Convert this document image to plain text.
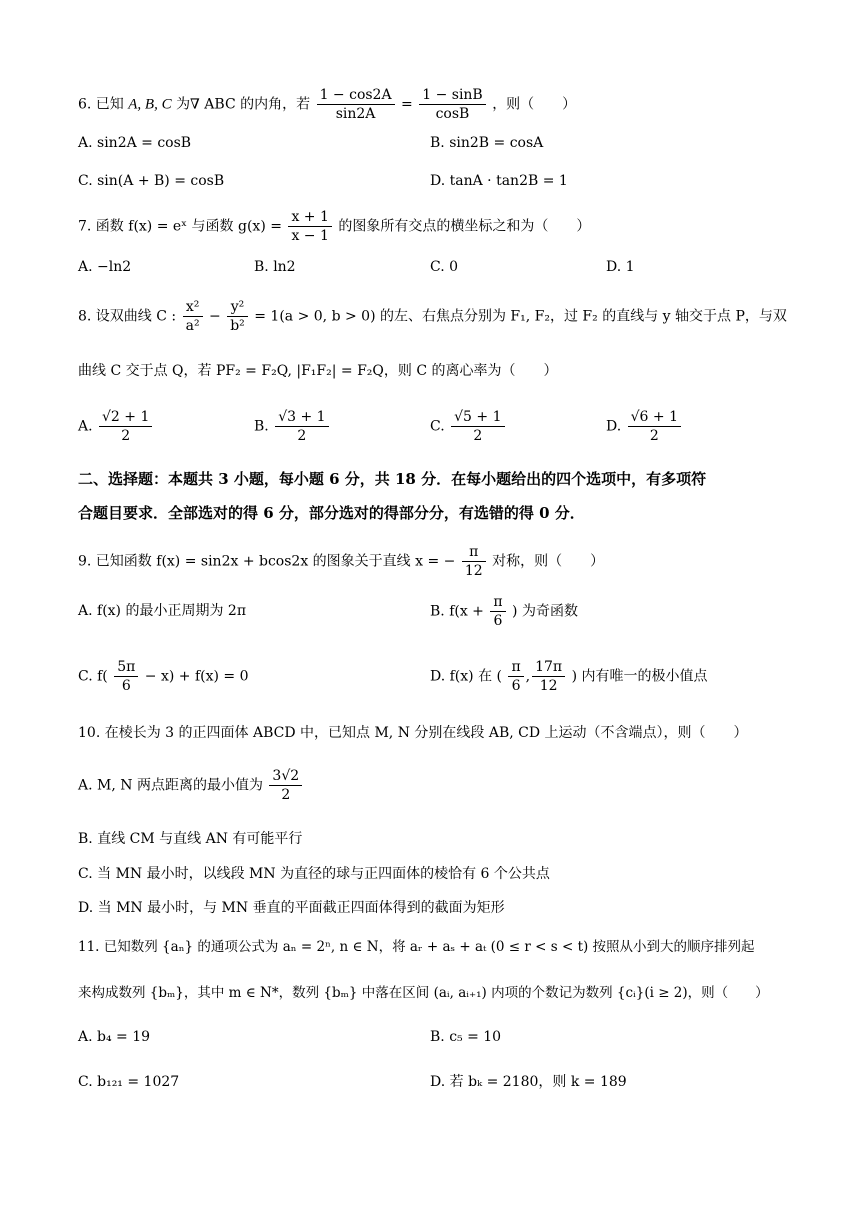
6. 已知 A, B, C 为∇ ABC 的内角，若 $\frac{1 - \cos 2A}{\sin 2A} = \frac{1 - \sin B}{\cos B}$ ，则（　　）
A. sin2A = cosB	B. sin2B = cosA
C. sin(A + B) = cosB	D. tanA · tan2B = 1
7. 函数 f(x) = eˣ 与函数 $g(x) = \frac{x + 1}{x - 1}$ 的图象所有交点的横坐标之和为（　　）
A. −ln2	B. ln2	C. 0	D. 1
8. 设双曲线 C : $\frac{\text{x²}}{\text{a²}} - \frac{\text{y²}}{\text{b²}} = 1(a > 0$, b > 0) 的左、右焦点分别为 F₁, F₂，过 F₂ 的直线与 y 轴交于点 P，与双
曲线 C 交于点 Q，若 PF₂ = F₂Q, |F₁F₂| = F₂Q，则 C 的离心率为（　　）
A. $\frac{√2 + 1}{2}$	B. $\frac{√3 + 1}{2}$	C. $\frac{√5 + 1}{2}$	D. $\frac{√6 + 1}{2}$
二、选择题：本题共 3 小题，每小题 6 分，共 18 分．在每小题给出的四个选项中，有多项符
合题目要求．全部选对的得 6 分，部分选对的得部分分，有选错的得 0 分．
9. 已知函数 f(x) = sin2x + bcos2x 的图象关于直线 x = − $\frac{\pi}{12}$ 对称，则（　　）
A. f(x) 的最小正周期为 2π	B. $f(x + \frac{\pi}{6}$ ) 为奇函数
C. $f( \frac{5\pi}{6} - x) + f(x) = 0$	D. f(x) 在 ( $\frac{\pi}{6}$ , $\frac{17\pi}{12}$ ) 内有唯一的极小值点
10. 在棱长为 3 的正四面体 ABCD 中，已知点 M, N 分别在线段 AB, CD 上运动（不含端点），则（　　）
A. M, N 两点距离的最小值为 $\frac{3√2}{2}$
B. 直线 CM 与直线 AN 有可能平行
C. 当 MN 最小时，以线段 MN 为直径的球与正四面体的棱恰有 6 个公共点
D. 当 MN 最小时，与 MN 垂直的平面截正四面体得到的截面为矩形
11. 已知数列 {aₙ} 的通项公式为 aₙ = 2ⁿ, n ∈ N，将 aᵣ + aₛ + aₜ (0 ≤ r < s < t) 按照从小到大的顺序排列起
来构成数列 {bₘ}，其中 m ∈ N*，数列 {bₘ} 中落在区间 (aᵢ, aᵢ₊₁) 内项的个数记为数列 {cᵢ}(i ≥ 2)，则（　　）
A. b₄ = 19	B. c₅ = 10
C. b₁₂₁ = 1027	D. 若 bₖ = 2180，则 k = 189
